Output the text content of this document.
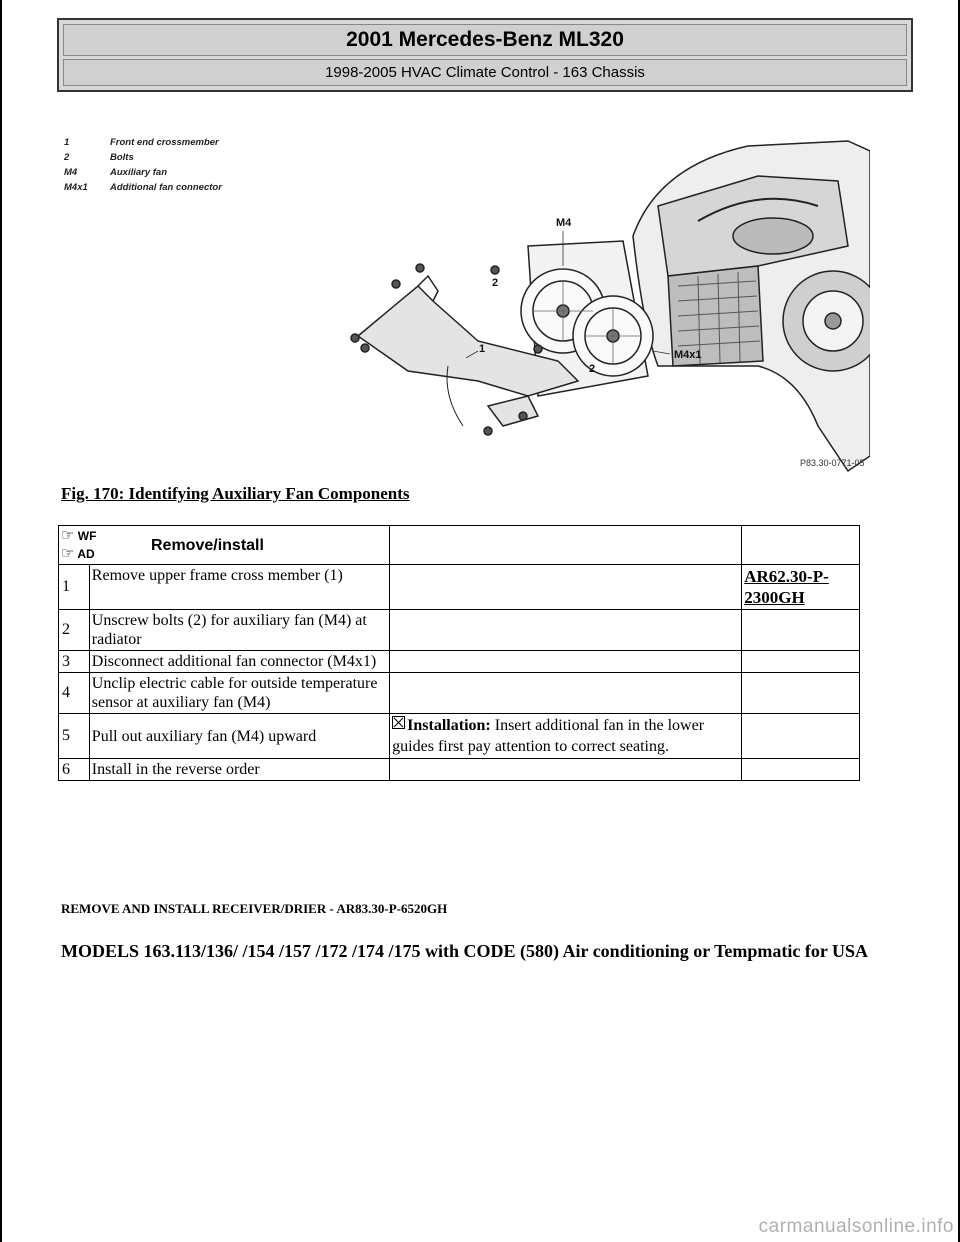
2001 Mercedes-Benz ML320
1998-2005 HVAC Climate Control - 163 Chassis
M4
M4x1
1
2
2
1	Front end crossmember
2	Bolts
M4	Auxiliary fan
M4x1	Additional fan connector
P83.30-0771-05
Fig. 170: Identifying Auxiliary Fan Components
☞ WF
☞ AD Remove/install			

1	Remove upper frame cross member (1)		AR62.30-P-2300GH
2	Unscrew bolts (2) for auxiliary fan (M4) at radiator		
3	Disconnect additional fan connector (M4x1)		
4	Unclip electric cable for outside temperature sensor at auxiliary fan (M4)		
5	Pull out auxiliary fan (M4) upward	Installation: Insert additional fan in the lower guides first pay attention to correct seating.	
6	Install in the reverse order		
REMOVE AND INSTALL RECEIVER/DRIER - AR83.30-P-6520GH
MODELS 163.113/136/ /154 /157 /172 /174 /175 with CODE (580) Air conditioning or Tempmatic for USA
carmanualsonline.info
